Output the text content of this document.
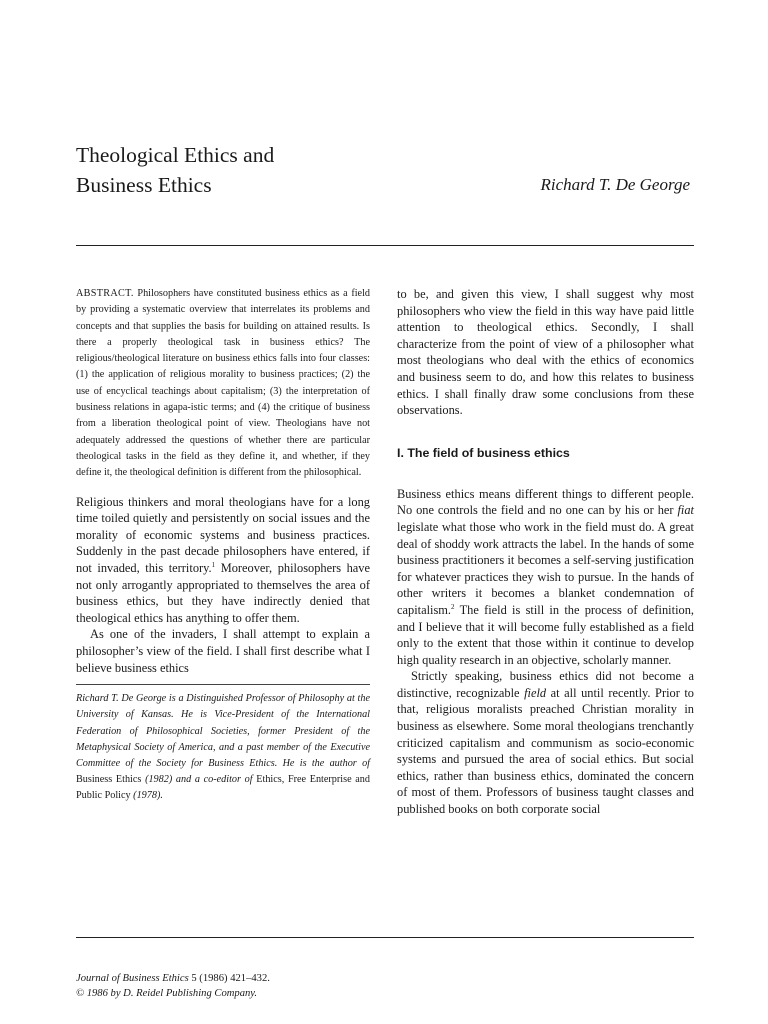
Theological Ethics and
Business Ethics	Richard T. De George

ABSTRACT. Philosophers have constituted business ethics as a field by providing a systematic overview that interrelates its problems and concepts and that supplies the basis for building on attained results. Is there a properly theological task in business ethics? The religious/theological literature on business ethics falls into four classes: (1) the application of religious morality to business practices; (2) the use of encyclical teachings about capitalism; (3) the interpretation of business relations in agapa-istic terms; and (4) the critique of business from a liberation theological point of view. Theologians have not adequately addressed the questions of whether there are particular theological tasks in the field as they define it, and whether, if they define it, the theological definition is different from the philosophical.

Religious thinkers and moral theologians have for a long time toiled quietly and persistently on social issues and the morality of economic systems and business practices. Suddenly in the past decade philosophers have entered, if not invaded, this territory.$^1$ Moreover, philosophers have not only arrogantly appropriated to themselves the area of business ethics, but they have indirectly denied that theological ethics has anything to offer them.

As one of the invaders, I shall attempt to explain a philosopher’s view of the field. I shall first describe what I believe business ethics

Richard T. De George is a Distinguished Professor of Philosophy at the University of Kansas. He is Vice-President of the International Federation of Philosophical Societies, former President of the Metaphysical Society of America, and a past member of the Executive Committee of the Society for Business Ethics. He is the author of Business Ethics (1982) and a co-editor of Ethics, Free Enterprise and Public Policy (1978).

to be, and given this view, I shall suggest why most philosophers who view the field in this way have paid little attention to theological ethics. Secondly, I shall characterize from the point of view of a philosopher what most theologians who deal with the ethics of economics and business seem to do, and how this relates to business ethics. I shall finally draw some conclusions from these observations.

I. The field of business ethics

Business ethics means different things to different people. No one controls the field and no one can by his or her fiat legislate what those who work in the field must do. A great deal of shoddy work attracts the label. In the hands of some business practitioners it becomes a self-serving justification for whatever practices they wish to pursue. In the hands of other writers it becomes a blanket condemnation of capitalism.$^2$ The field is still in the process of definition, and I believe that it will become fully established as a field only to the extent that those within it continue to develop high quality research in an objective, scholarly manner.

Strictly speaking, business ethics did not become a distinctive, recognizable field at all until recently. Prior to that, religious moralists preached Christian morality in business as elsewhere. Some moral theologians trenchantly criticized capitalism and communism as socio-economic systems and pursued the area of social ethics. But social ethics, rather than business ethics, dominated the concern of most of them. Professors of business taught classes and published books on both corporate social

Journal of Business Ethics 5 (1986) 421–432.
© 1986 by D. Reidel Publishing Company.
